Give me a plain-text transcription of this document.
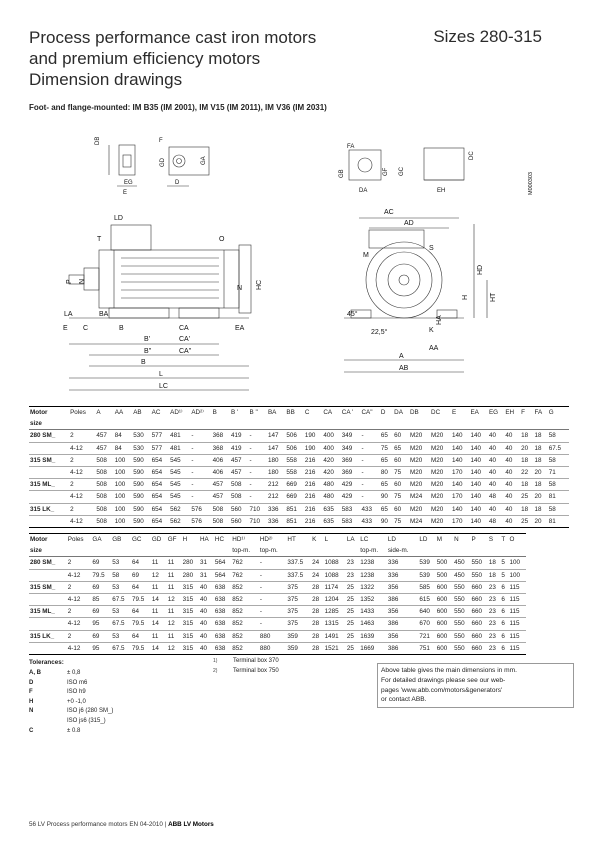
Process performance cast iron motors
and premium efficiency motors
Dimension drawings
Sizes 280-315
Foot- and flange-mounted: IM B35 (IM 2001), IM V15 (IM 2011), IM V36 (IM 2031)
DB	F
GD	GA
EG	D
E
FA
DC
GB	GF GC
DA	EH	M000303
LD
T	O
P N
N HC
LA	BA
E C	B	CA	EA
B'	CA'
B''	CA''
B
L
LC
AC
AD
M
S
HD
H	HT
45°
22,5°	K
HA
AA
A
AB
Motor	Poles	A	AA	AB	AC	AD¹⁾	AD²⁾	B	B '	B ''	BA	BB	C	CA	CA '	CA''	D	DA	DB	DC	E	EA	EG	EH	F	FA	G
size																											
280 SM_	2	457	84	530	577	481	-	368	419	-	147	506	190	400	349	-	65	60	M20	M20	140	140	40	40	18	18	58
	4-12	457	84	530	577	481	-	368	419	-	147	506	190	400	349	-	75	65	M20	M20	140	140	40	40	20	18	67.5
315 SM_	2	508	100	590	654	545	-	406	457	-	180	558	216	420	369	-	65	60	M20	M20	140	140	40	40	18	18	58
	4-12	508	100	590	654	545	-	406	457	-	180	558	216	420	369	-	80	75	M20	M20	170	140	40	40	22	20	71
315 ML_	2	508	100	590	654	545	-	457	508	-	212	669	216	480	429	-	65	60	M20	M20	140	140	40	40	18	18	58
	4-12	508	100	590	654	545	-	457	508	-	212	669	216	480	429	-	90	75	M24	M20	170	140	48	40	25	20	81
315 LK_	2	508	100	590	654	562	576	508	560	710	336	851	216	635	583	433	65	60	M20	M20	140	140	40	40	18	18	58
	4-12	508	100	590	654	562	576	508	560	710	336	851	216	635	583	433	90	75	M24	M20	170	140	48	40	25	20	81
Motor	Poles	GA	GB	GC	GD	GF	H	HA	HC	HD¹⁾	HD²⁾	HT	K	L	LA	LC	LD	LD	M	N	P	S	T	O
size										top-m.	top-m.					top-m.	side-m.							
280 SM_	2	69	53	64	11	11	280	31	564	762	-	337.5	24	1088	23	1238	336	539	500	450	550	18	5	100
	4-12	79.5	58	69	12	11	280	31	564	762	-	337.5	24	1088	23	1238	336	539	500	450	550	18	5	100
315 SM_	2	69	53	64	11	11	315	40	638	852	-	375	28	1174	25	1322	356	585	600	550	660	23	6	115
	4-12	85	67.5	79.5	14	12	315	40	638	852	-	375	28	1204	25	1352	386	615	600	550	660	23	6	115
315 ML_	2	69	53	64	11	11	315	40	638	852	-	375	28	1285	25	1433	356	640	600	550	660	23	6	115
	4-12	95	67.5	79.5	14	12	315	40	638	852	-	375	28	1315	25	1463	386	670	600	550	660	23	6	115
315 LK_	2	69	53	64	11	11	315	40	638	852	880	359	28	1491	25	1639	356	721	600	550	660	23	6	115
	4-12	95	67.5	79.5	14	12	315	40	638	852	880	359	28	1521	25	1669	386	751	600	550	660	23	6	115
Tolerances:
A, B	± 0,8
D	ISO m6
F	ISO h9
H	+0 -1,0
N	ISO j6 (280 SM_)
ISO js6 (315_)
C	± 0.8
1)	Terminal box 370
2)	Terminal box 750	Above table gives the main dimensions in mm.
For detailed drawings please see our web-
pages 'www.abb.com/motors&generators'
or contact ABB.
56 LV Process performance motors EN 04-2010 | ABB LV Motors
